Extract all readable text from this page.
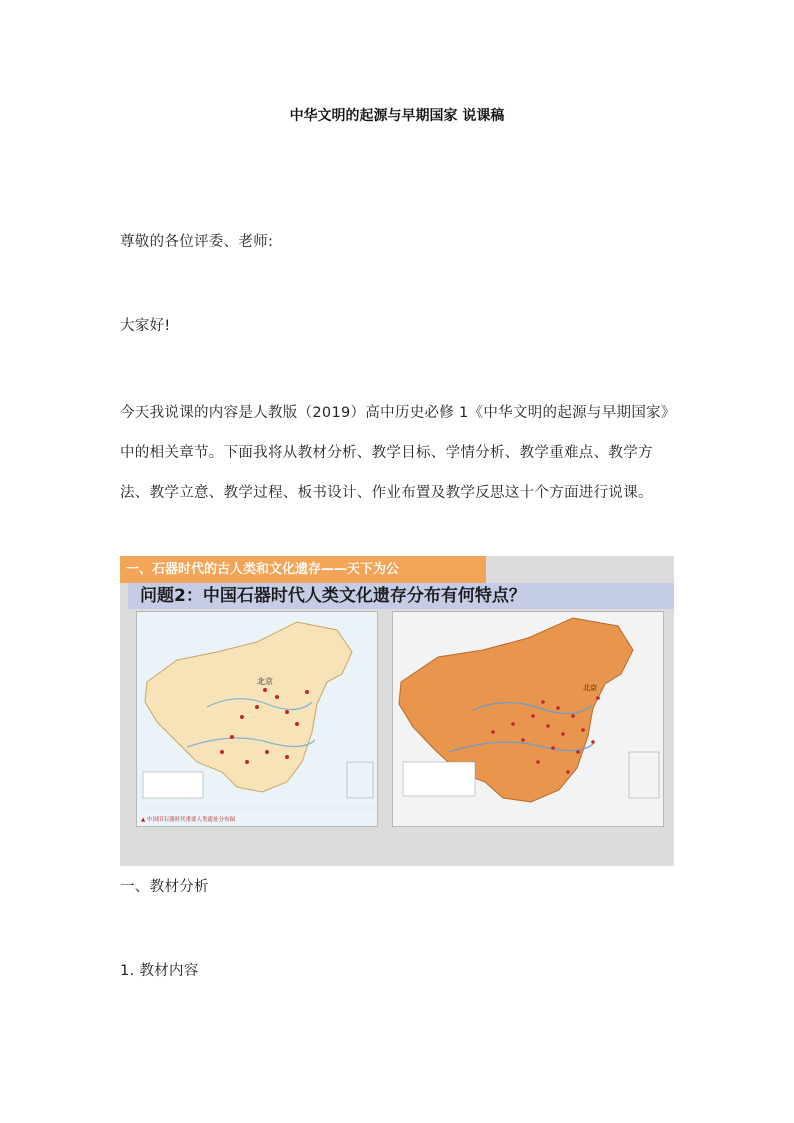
中华文明的起源与早期国家 说课稿
尊敬的各位评委、老师:
大家好!
今天我说课的内容是人教版（2019）高中历史必修 1《中华文明的起源与早期国家》中的相关章节。下面我将从教材分析、教学目标、学情分析、教学重难点、教学方法、教学立意、教学过程、板书设计、作业布置及教学反思这十个方面进行说课。
一、石器时代的古人类和文化遗存——天下为公
问题2：中国石器时代人类文化遗存分布有何特点？
北京
▲ 中国旧石器时代重要人类遗址分布图
北京
一、教材分析
1. 教材内容
